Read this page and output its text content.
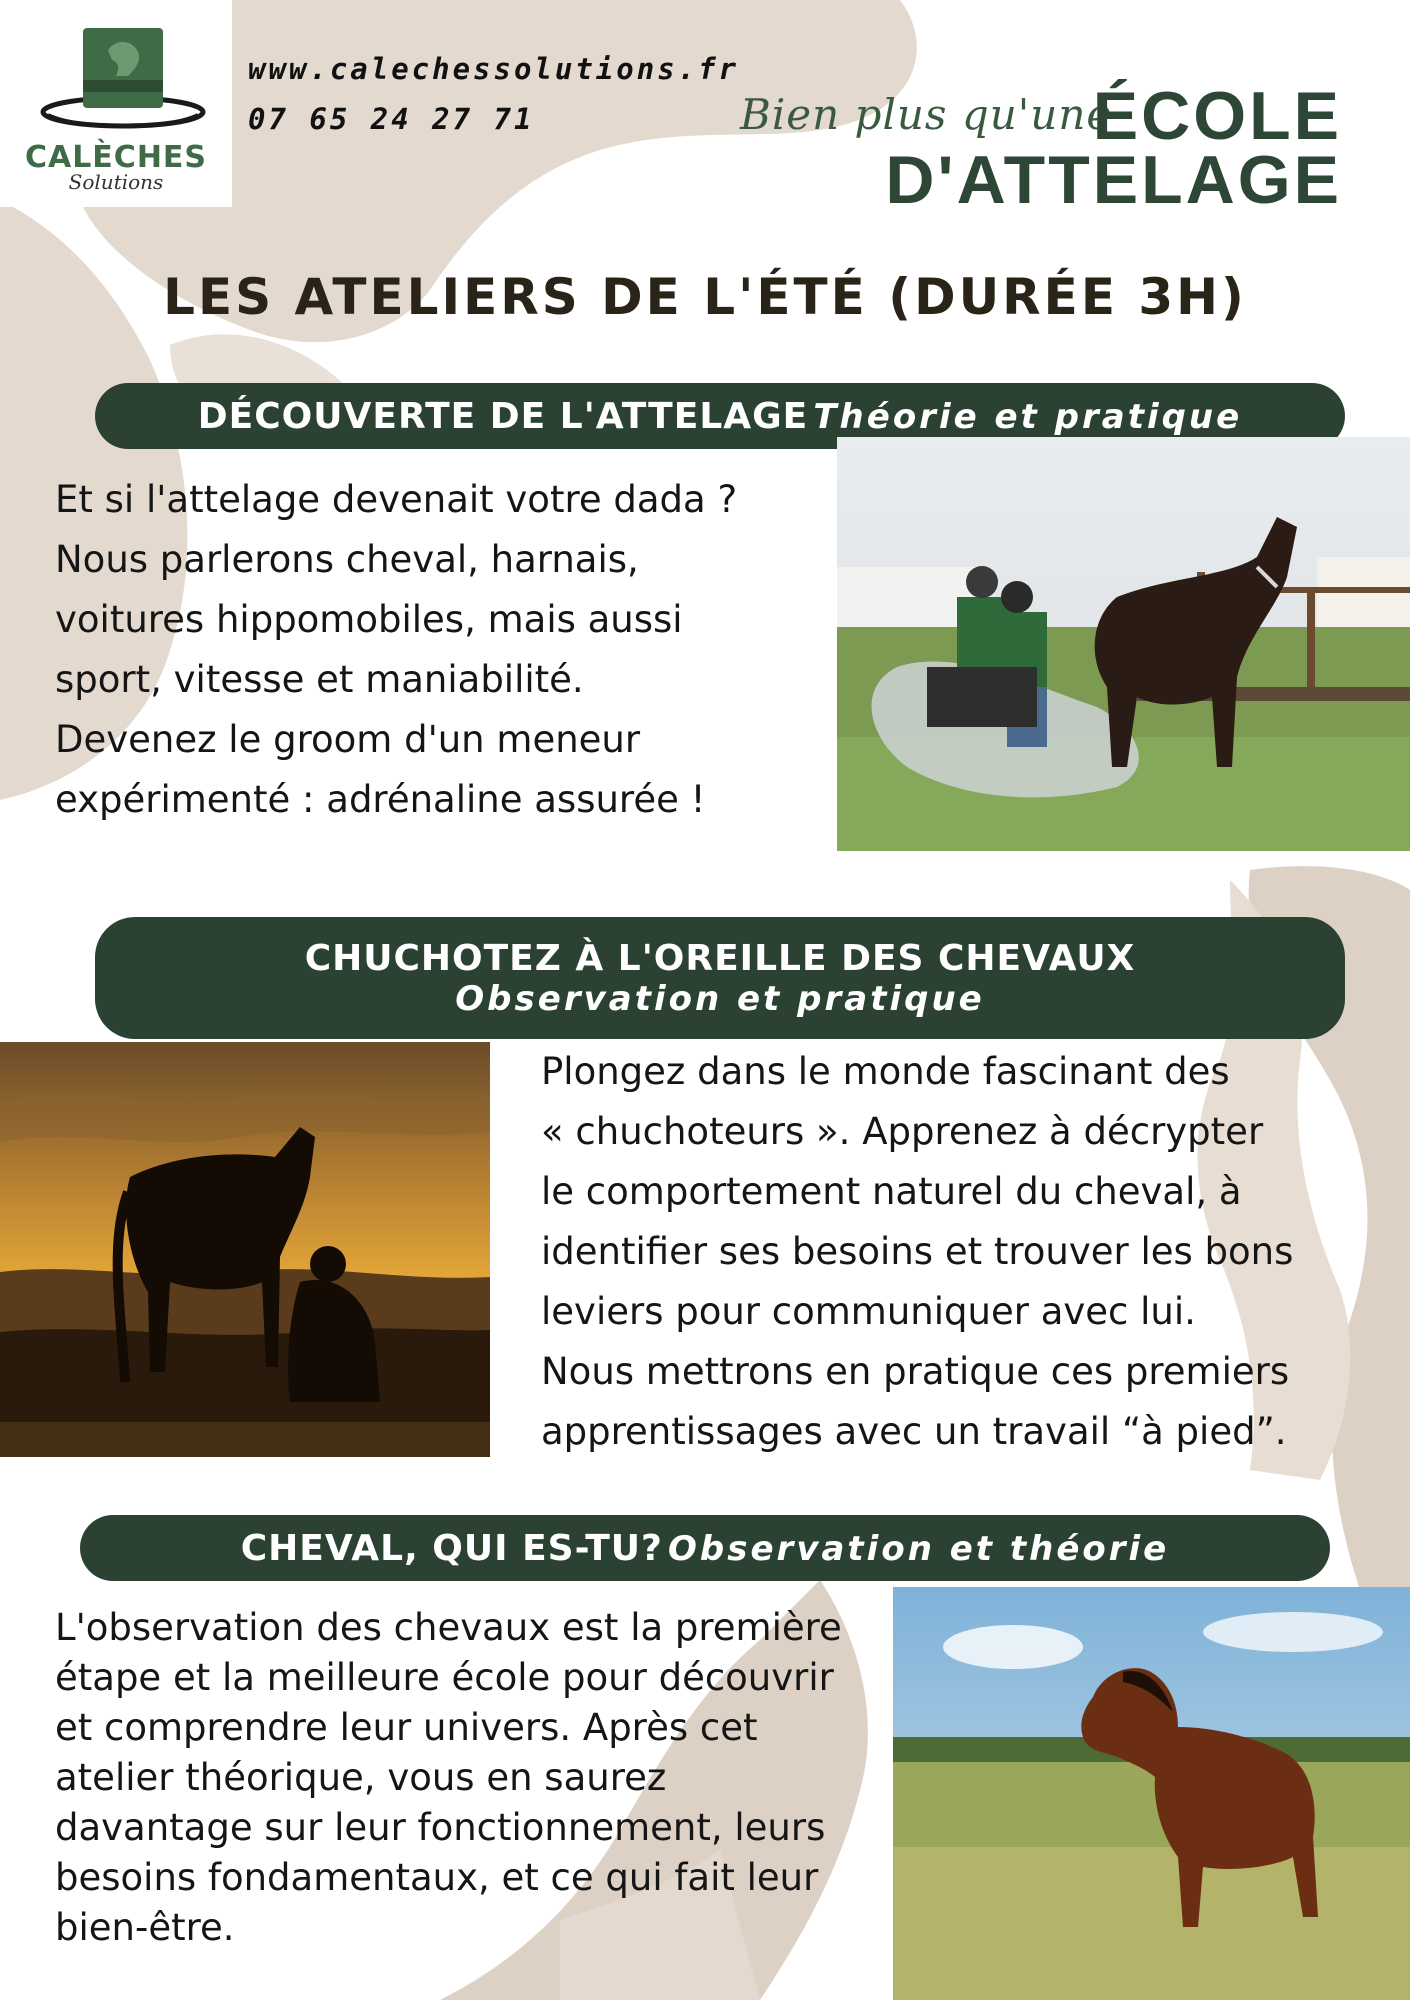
CALÈCHES
Solutions
www.calechessolutions.fr
07 65 24 27 71	Bien plus qu'une
ÉCOLE
D'ATTELAGE
LES ATELIERS DE L'ÉTÉ (DURÉE 3H)
DÉCOUVERTE DE L'ATTELAGE Théorie et pratique
Et si l'attelage devenait votre dada ?
Nous parlerons cheval, harnais,
voitures hippomobiles, mais aussi
sport, vitesse et maniabilité.
Devenez le groom d'un meneur
expérimenté : adrénaline assurée !
CHUCHOTEZ À L'OREILLE DES CHEVAUX
Observation et pratique
Plongez dans le monde fascinant des
« chuchoteurs ». Apprenez à décrypter
le comportement naturel du cheval, à
identifier ses besoins et trouver les bons
leviers pour communiquer avec lui.
Nous mettrons en pratique ces premiers
apprentissages avec un travail “à pied”.
CHEVAL, QUI ES-TU? Observation et théorie
L'observation des chevaux est la première
étape et la meilleure école pour découvrir
et comprendre leur univers. Après cet
atelier théorique, vous en saurez
davantage sur leur fonctionnement, leurs
besoins fondamentaux, et ce qui fait leur
bien-être.
